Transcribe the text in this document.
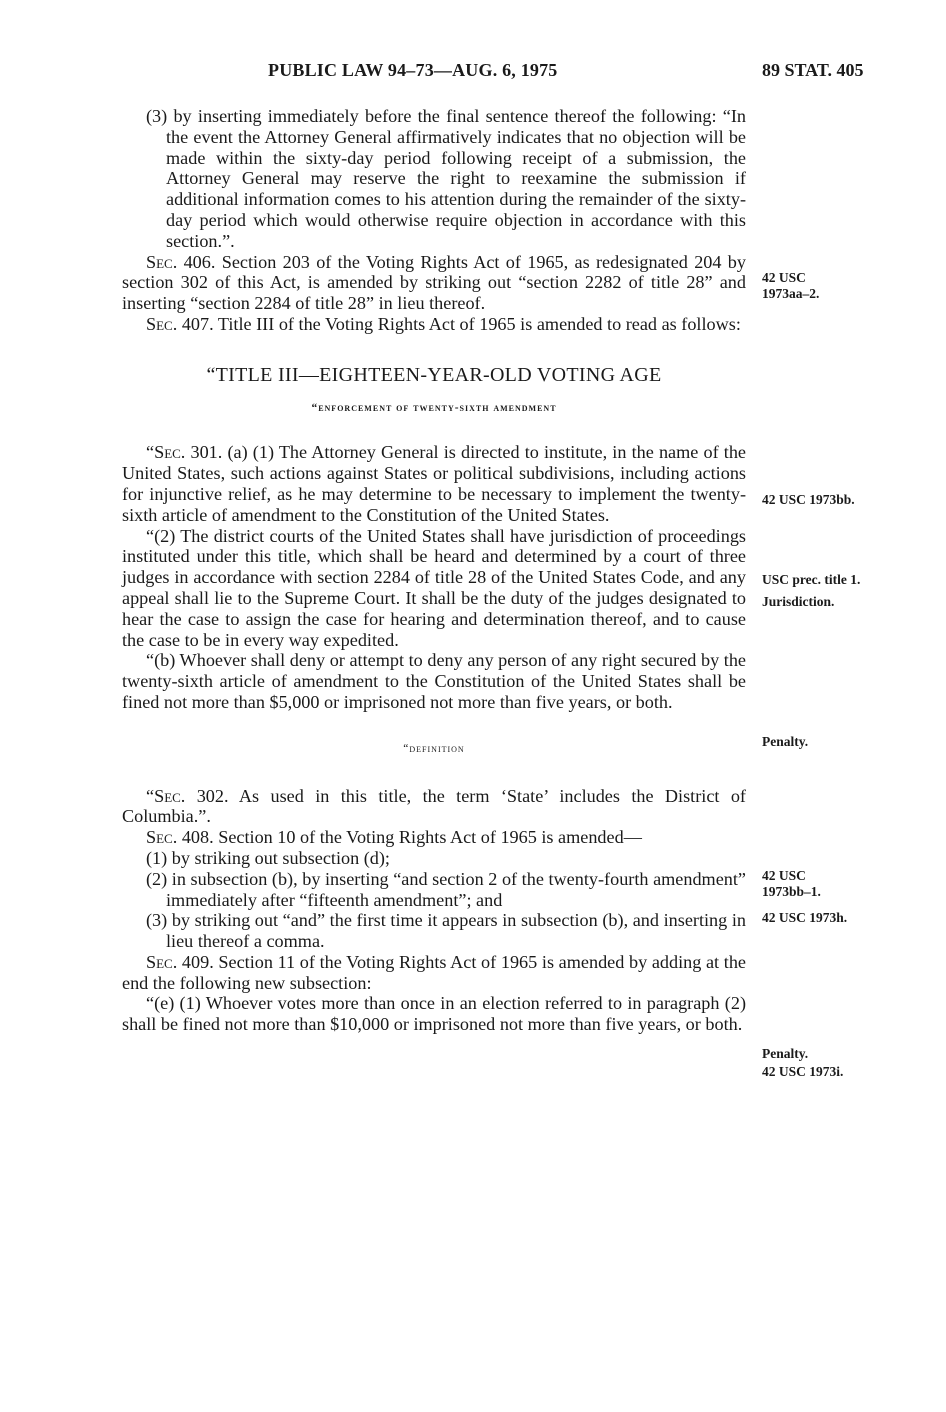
PUBLIC LAW 94–73—AUG. 6, 1975	89 STAT. 405

(3) by inserting immediately before the final sentence thereof the following: “In the event the Attorney General affirmatively indicates that no objection will be made within the sixty-day period following receipt of a submission, the Attorney General may reserve the right to reexamine the submission if additional information comes to his attention during the remainder of the sixty-day period which would otherwise require objection in accordance with this section.”.

Sec. 406. Section 203 of the Voting Rights Act of 1965, as redesignated 204 by section 302 of this Act, is amended by striking out “section 2282 of title 28” and inserting “section 2284 of title 28” in lieu thereof.

Sec. 407. Title III of the Voting Rights Act of 1965 is amended to read as follows:

“TITLE III—EIGHTEEN-YEAR-OLD VOTING AGE
“enforcement of twenty-sixth amendment

“Sec. 301. (a) (1) The Attorney General is directed to institute, in the name of the United States, such actions against States or political subdivisions, including actions for injunctive relief, as he may determine to be necessary to implement the twenty-sixth article of amendment to the Constitution of the United States.

“(2) The district courts of the United States shall have jurisdiction of proceedings instituted under this title, which shall be heard and determined by a court of three judges in accordance with section 2284 of title 28 of the United States Code, and any appeal shall lie to the Supreme Court. It shall be the duty of the judges designated to hear the case to assign the case for hearing and determination thereof, and to cause the case to be in every way expedited.

“(b) Whoever shall deny or attempt to deny any person of any right secured by the twenty-sixth article of amendment to the Constitution of the United States shall be fined not more than $5,000 or imprisoned not more than five years, or both.

“definition

“Sec. 302. As used in this title, the term ‘State’ includes the District of Columbia.”.

Sec. 408. Section 10 of the Voting Rights Act of 1965 is amended—

(1) by striking out subsection (d);

(2) in subsection (b), by inserting “and section 2 of the twenty-fourth amendment” immediately after “fifteenth amendment”; and

(3) by striking out “and” the first time it appears in subsection (b), and inserting in lieu thereof a comma.

Sec. 409. Section 11 of the Voting Rights Act of 1965 is amended by adding at the end the following new subsection:

“(e) (1) Whoever votes more than once in an election referred to in paragraph (2) shall be fined not more than $10,000 or imprisoned not more than five years, or both.

42 USC 1973aa–2.
42 USC 1973bb.
USC prec. title 1.
Jurisdiction.
Penalty.
42 USC 1973bb–1.
42 USC 1973h.
Penalty.
42 USC 1973i.
